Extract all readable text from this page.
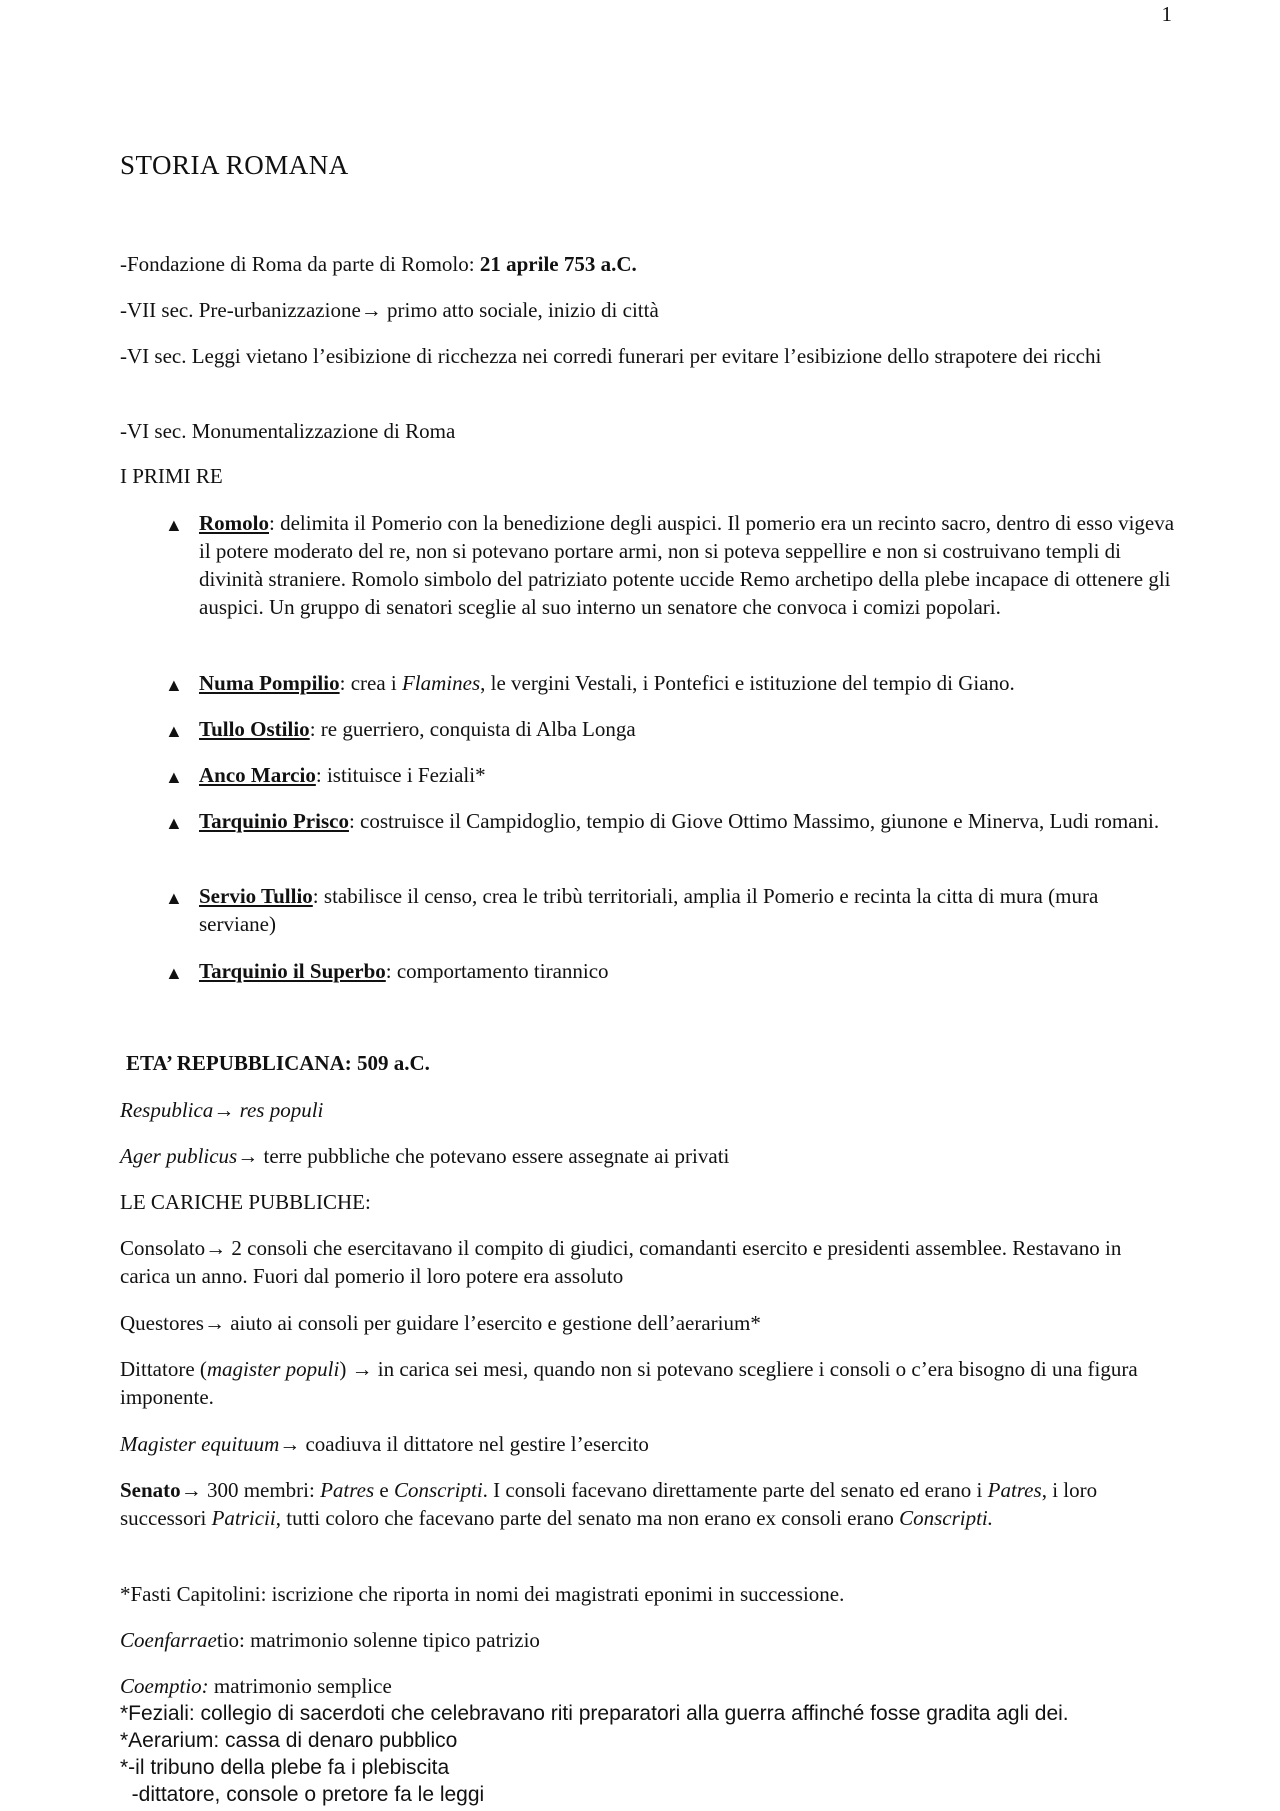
1
STORIA ROMANA
-Fondazione di Roma da parte di Romolo: 21 aprile 753 a.C.
-VII sec. Pre-urbanizzazione→ primo atto sociale, inizio di città
-VI sec. Leggi vietano l’esibizione di ricchezza nei corredi funerari per evitare l’esibizione dello strapotere dei ricchi
-VI sec. Monumentalizzazione di Roma
I PRIMI RE
▲ Romolo: delimita il Pomerio con la benedizione degli auspici. Il pomerio era un recinto sacro, dentro di esso vigeva il potere moderato del re, non si potevano portare armi, non si poteva seppellire e non si costruivano templi di divinità straniere. Romolo simbolo del patriziato potente uccide Remo archetipo della plebe incapace di ottenere gli auspici. Un gruppo di senatori sceglie al suo interno un senatore che convoca i comizi popolari.
▲ Numa Pompilio: crea i Flamines, le vergini Vestali, i Pontefici e istituzione del tempio di Giano.
▲ Tullo Ostilio: re guerriero, conquista di Alba Longa
▲ Anco Marcio: istituisce i Feziali*
▲ Tarquinio Prisco: costruisce il Campidoglio, tempio di Giove Ottimo Massimo, giunone e Minerva, Ludi romani.
▲ Servio Tullio: stabilisce il censo, crea le tribù territoriali, amplia il Pomerio e recinta la citta di mura (mura serviane)
▲ Tarquinio il Superbo: comportamento tirannico
ETA’ REPUBBLICANA: 509 a.C.
Respublica→ res populi
Ager publicus→ terre pubbliche che potevano essere assegnate ai privati
LE CARICHE PUBBLICHE:
Consolato→ 2 consoli che esercitavano il compito di giudici, comandanti esercito e presidenti assemblee. Restavano in carica un anno. Fuori dal pomerio il loro potere era assoluto
Questores→ aiuto ai consoli per guidare l’esercito e gestione dell’aerarium*
Dittatore (magister populi) → in carica sei mesi, quando non si potevano scegliere i consoli o c’era bisogno di una figura imponente.
Magister equituum→ coadiuva il dittatore nel gestire l’esercito
Senato→ 300 membri: Patres e Conscripti. I consoli facevano direttamente parte del senato ed erano i Patres, i loro successori Patricii, tutti coloro che facevano parte del senato ma non erano ex consoli erano Conscripti.
*Fasti Capitolini: iscrizione che riporta in nomi dei magistrati eponimi in successione.
Coenfarraetio: matrimonio solenne tipico patrizio
Coemptio: matrimonio semplice
*Feziali: collegio di sacerdoti che celebravano riti preparatori alla guerra affinché fosse gradita agli dei.
*Aerarium: cassa di denaro pubblico
*-il tribuno della plebe fa i plebiscita
-dittatore, console o pretore fa le leggi
